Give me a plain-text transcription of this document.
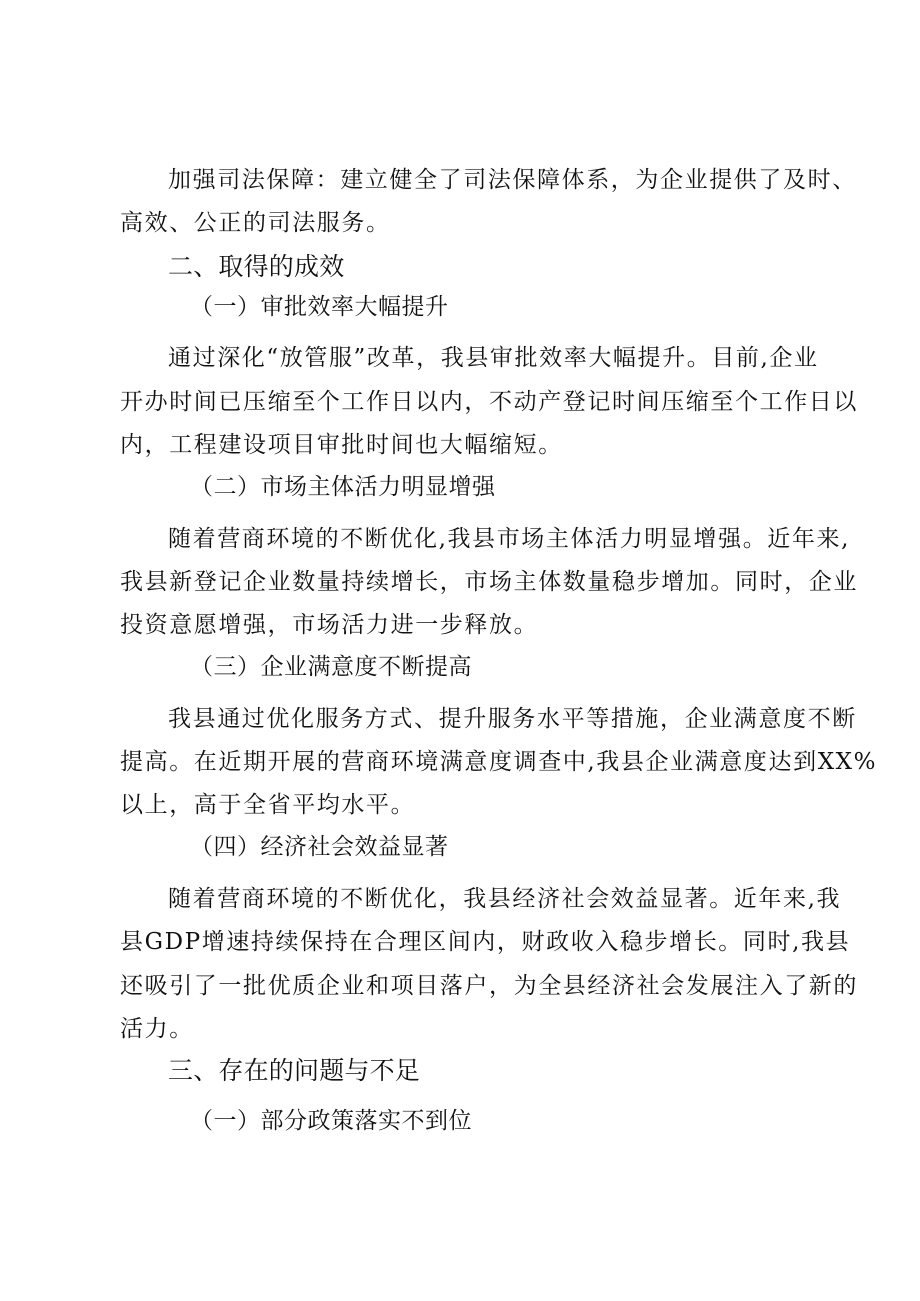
加强司法保障：建立健全了司法保障体系，为企业提供了及时、
高效、公正的司法服务。
二、取得的成效
（一）审批效率大幅提升
通过深化“放管服”改革，我县审批效率大幅提升。目前,企业
开办时间已压缩至个工作日以内，不动产登记时间压缩至个工作日以
内，工程建设项目审批时间也大幅缩短。
（二）市场主体活力明显增强
随着营商环境的不断优化,我县市场主体活力明显增强。近年来,
我县新登记企业数量持续增长，市场主体数量稳步增加。同时，企业
投资意愿增强，市场活力进一步释放。
（三）企业满意度不断提高
我县通过优化服务方式、提升服务水平等措施，企业满意度不断
提高。在近期开展的营商环境满意度调查中,我县企业满意度达到XX%
以上，高于全省平均水平。
（四）经济社会效益显著
随着营商环境的不断优化，我县经济社会效益显著。近年来,我
县GDP增速持续保持在合理区间内，财政收入稳步增长。同时,我县
还吸引了一批优质企业和项目落户，为全县经济社会发展注入了新的
活力。
三、存在的问题与不足
（一）部分政策落实不到位
